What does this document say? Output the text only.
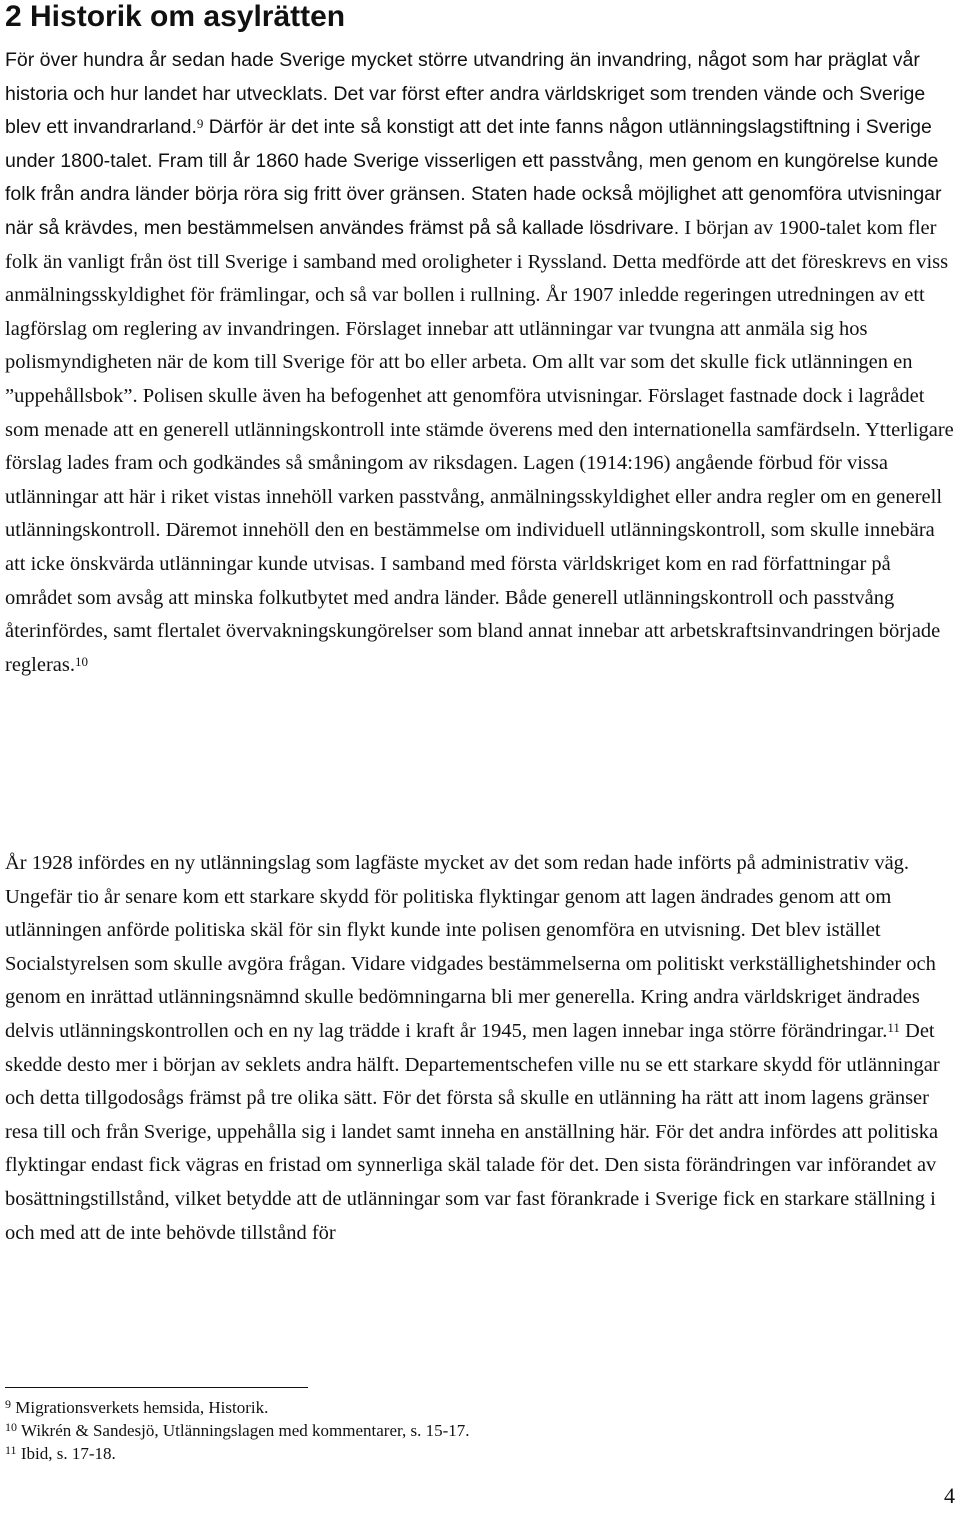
2 Historik om asylrätten

För över hundra år sedan hade Sverige mycket större utvandring än invandring, något som har präglat vår historia och hur landet har utvecklats. Det var först efter andra världskriget som trenden vände och Sverige blev ett invandrarland.$^9$ Därför är det inte så konstigt att det inte fanns någon utlänningslagstiftning i Sverige under 1800-talet. Fram till år 1860 hade Sverige visserligen ett passtvång, men genom en kungörelse kunde folk från andra länder börja röra sig fritt över gränsen. Staten hade också möjlighet att genomföra utvisningar när så krävdes, men bestämmelsen användes främst på så kallade lösdrivare. I början av 1900-talet kom fler folk än vanligt från öst till Sverige i samband med oroligheter i Ryssland. Detta medförde att det föreskrevs en viss anmälningsskyldighet för främlingar, och så var bollen i rullning. År 1907 inledde regeringen utredningen av ett lagförslag om reglering av invandringen. Förslaget innebar att utlänningar var tvungna att anmäla sig hos polismyndigheten när de kom till Sverige för att bo eller arbeta. Om allt var som det skulle fick utlänningen en ”uppehållsbok”. Polisen skulle även ha befogenhet att genomföra utvisningar. Förslaget fastnade dock i lagrådet som menade att en generell utlänningskontroll inte stämde överens med den internationella samfärdseln. Ytterligare förslag lades fram och godkändes så småningom av riksdagen. Lagen (1914:196) angående förbud för vissa utlänningar att här i riket vistas innehöll varken passtvång, anmälningsskyldighet eller andra regler om en generell utlänningskontroll. Däremot innehöll den en bestämmelse om individuell utlänningskontroll, som skulle innebära att icke önskvärda utlänningar kunde utvisas. I samband med första världskriget kom en rad författningar på området som avsåg att minska folkutbytet med andra länder. Både generell utlänningskontroll och passtvång återinfördes, samt flertalet övervakningskungörelser som bland annat innebar att arbetskraftsinvandringen började regleras.$^{10}$

År 1928 infördes en ny utlänningslag som lagfäste mycket av det som redan hade införts på administrativ väg. Ungefär tio år senare kom ett starkare skydd för politiska flyktingar genom att lagen ändrades genom att om utlänningen anförde politiska skäl för sin flykt kunde inte polisen genomföra en utvisning. Det blev istället Socialstyrelsen som skulle avgöra frågan. Vidare vidgades bestämmelserna om politiskt verkställighetshinder och genom en inrättad utlänningsnämnd skulle bedömningarna bli mer generella. Kring andra världskriget ändrades delvis utlänningskontrollen och en ny lag trädde i kraft år 1945, men lagen innebar inga större förändringar.$^{11}$ Det skedde desto mer i början av seklets andra hälft. Departementschefen ville nu se ett starkare skydd för utlänningar och detta tillgodosågs främst på tre olika sätt. För det första så skulle en utlänning ha rätt att inom lagens gränser resa till och från Sverige, uppehålla sig i landet samt inneha en anställning här. För det andra infördes att politiska flyktingar endast fick vägras en fristad om synnerliga skäl talade för det. Den sista förändringen var införandet av bosättningstillstånd, vilket betydde att de utlänningar som var fast förankrade i Sverige fick en starkare ställning i och med att de inte behövde tillstånd för

$^9$ Migrationsverkets hemsida, Historik.
$^{10}$ Wikrén & Sandesjö, Utlänningslagen med kommentarer, s. 15-17.
$^{11}$ Ibid, s. 17-18.
4
